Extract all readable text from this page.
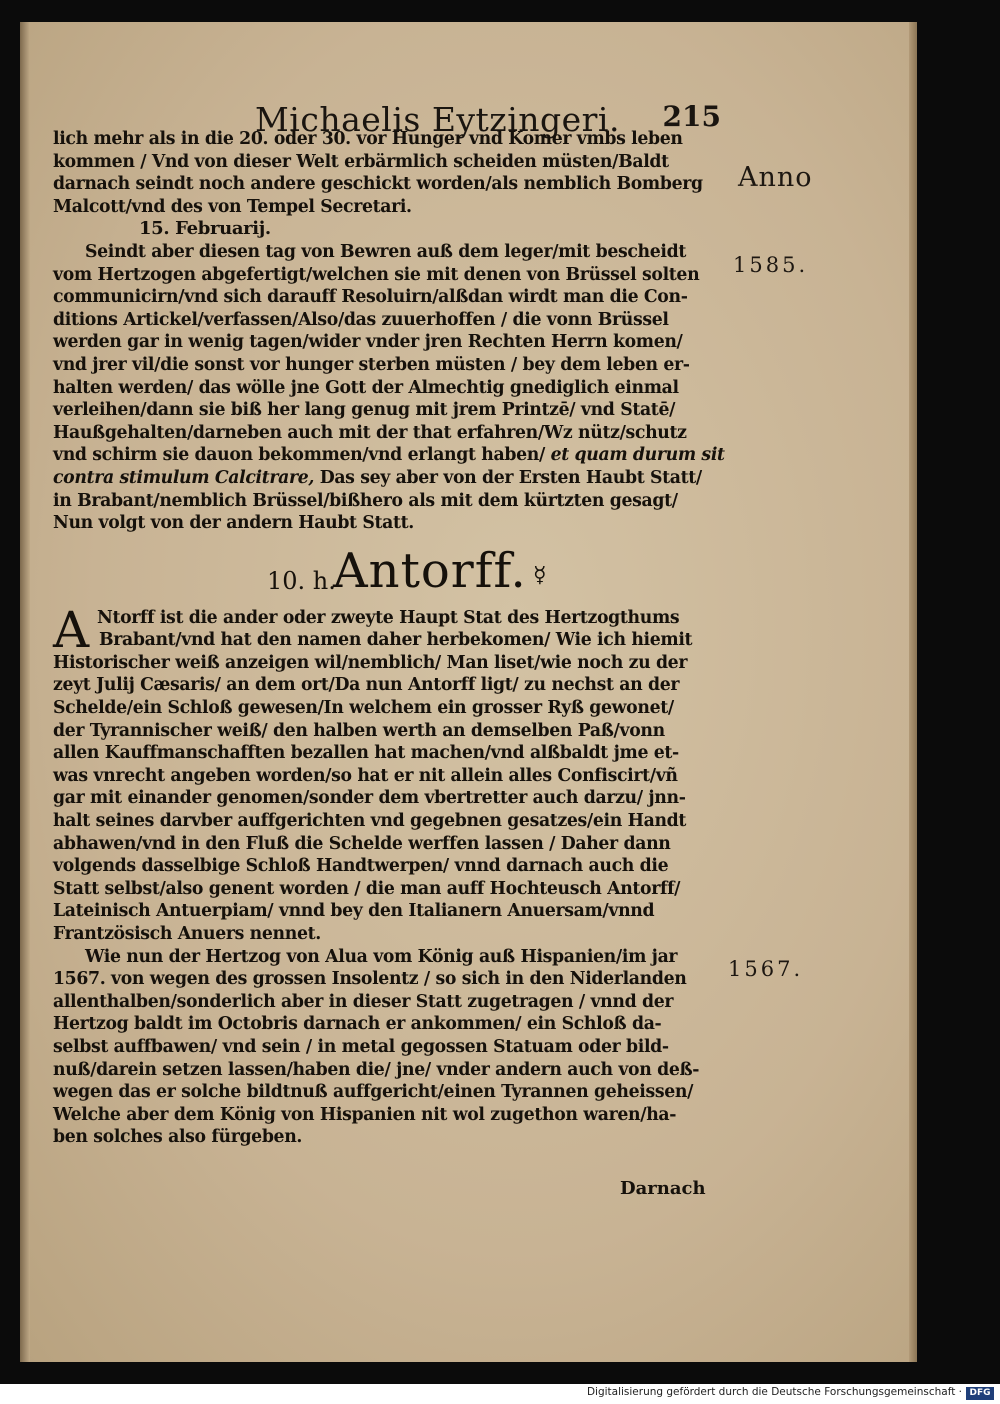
Michaelis Eytzingeri. 215
Anno
1585.
1567.
lich mehr als in die 20. oder 30. vor Hunger vnd Komer vmbs leben
kommen / Vnd von dieser Welt erbärmlich scheiden müsten/Baldt
darnach seindt noch andere geschickt worden/als nemblich Bomberg
Malcott/vnd des von Tempel Secretari.
15. Februarij.
Seindt aber diesen tag von Bewren auß dem leger/mit bescheidt
vom Hertzogen abgefertigt/welchen sie mit denen von Brüssel solten
communicirn/vnd sich darauff Resoluirn/alßdan wirdt man die Con-
ditions Artickel/verfassen/Also/das zuuerhoffen / die vonn Brüssel
werden gar in wenig tagen/wider vnder jren Rechten Herrn komen/
vnd jrer vil/die sonst vor hunger sterben müsten / bey dem leben er-
halten werden/ das wölle jne Gott der Almechtig gnediglich einmal
verleihen/dann sie biß her lang genug mit jrem Printzē/ vnd Statē/
Haußgehalten/darneben auch mit der that erfahren/Wz nütz/schutz
vnd schirm sie dauon bekommen/vnd erlangt haben/ et quam durum sit
contra stimulum Calcitrare, Das sey aber von der Ersten Haubt Statt/
in Brabant/nemblich Brüssel/bißhero als mit dem kürtzten gesagt/
Nun volgt von der andern Haubt Statt.
10. h.
Antorff. ☿
A Ntorff ist die ander oder zweyte Haupt Stat des Hertzogthums
Brabant/vnd hat den namen daher herbekomen/ Wie ich hiemit
Historischer weiß anzeigen wil/nemblich/ Man liset/wie noch zu der
zeyt Julij Cæsaris/ an dem ort/Da nun Antorff ligt/ zu nechst an der
Schelde/ein Schloß gewesen/In welchem ein grosser Ryß gewonet/
der Tyrannischer weiß/ den halben werth an demselben Paß/vonn
allen Kauffmanschafften bezallen hat machen/vnd alßbaldt jme et-
was vnrecht angeben worden/so hat er nit allein alles Confiscirt/vñ
gar mit einander genomen/sonder dem vbertretter auch darzu/ jnn-
halt seines darvber auffgerichten vnd gegebnen gesatzes/ein Handt
abhawen/vnd in den Fluß die Schelde werffen lassen / Daher dann
volgends dasselbige Schloß Handtwerpen/ vnnd darnach auch die
Statt selbst/also genent worden / die man auff Hochteusch Antorff/
Lateinisch Antuerpiam/ vnnd bey den Italianern Anuersam/vnnd
Frantzösisch Anuers nennet.
Wie nun der Hertzog von Alua vom König auß Hispanien/im jar
1567. von wegen des grossen Insolentz / so sich in den Niderlanden
allenthalben/sonderlich aber in dieser Statt zugetragen / vnnd der
Hertzog baldt im Octobris darnach er ankommen/ ein Schloß da-
selbst auffbawen/ vnd sein / in metal gegossen Statuam oder bild-
nuß/darein setzen lassen/haben die/ jne/ vnder andern auch von deß-
wegen das er solche bildtnuß auffgericht/einen Tyrannen geheissen/
Welche aber dem König von Hispanien nit wol zugethon waren/ha-
ben solches also fürgeben.
Darnach
Digitalisierung gefördert durch die Deutsche Forschungsgemeinschaft · DFG
